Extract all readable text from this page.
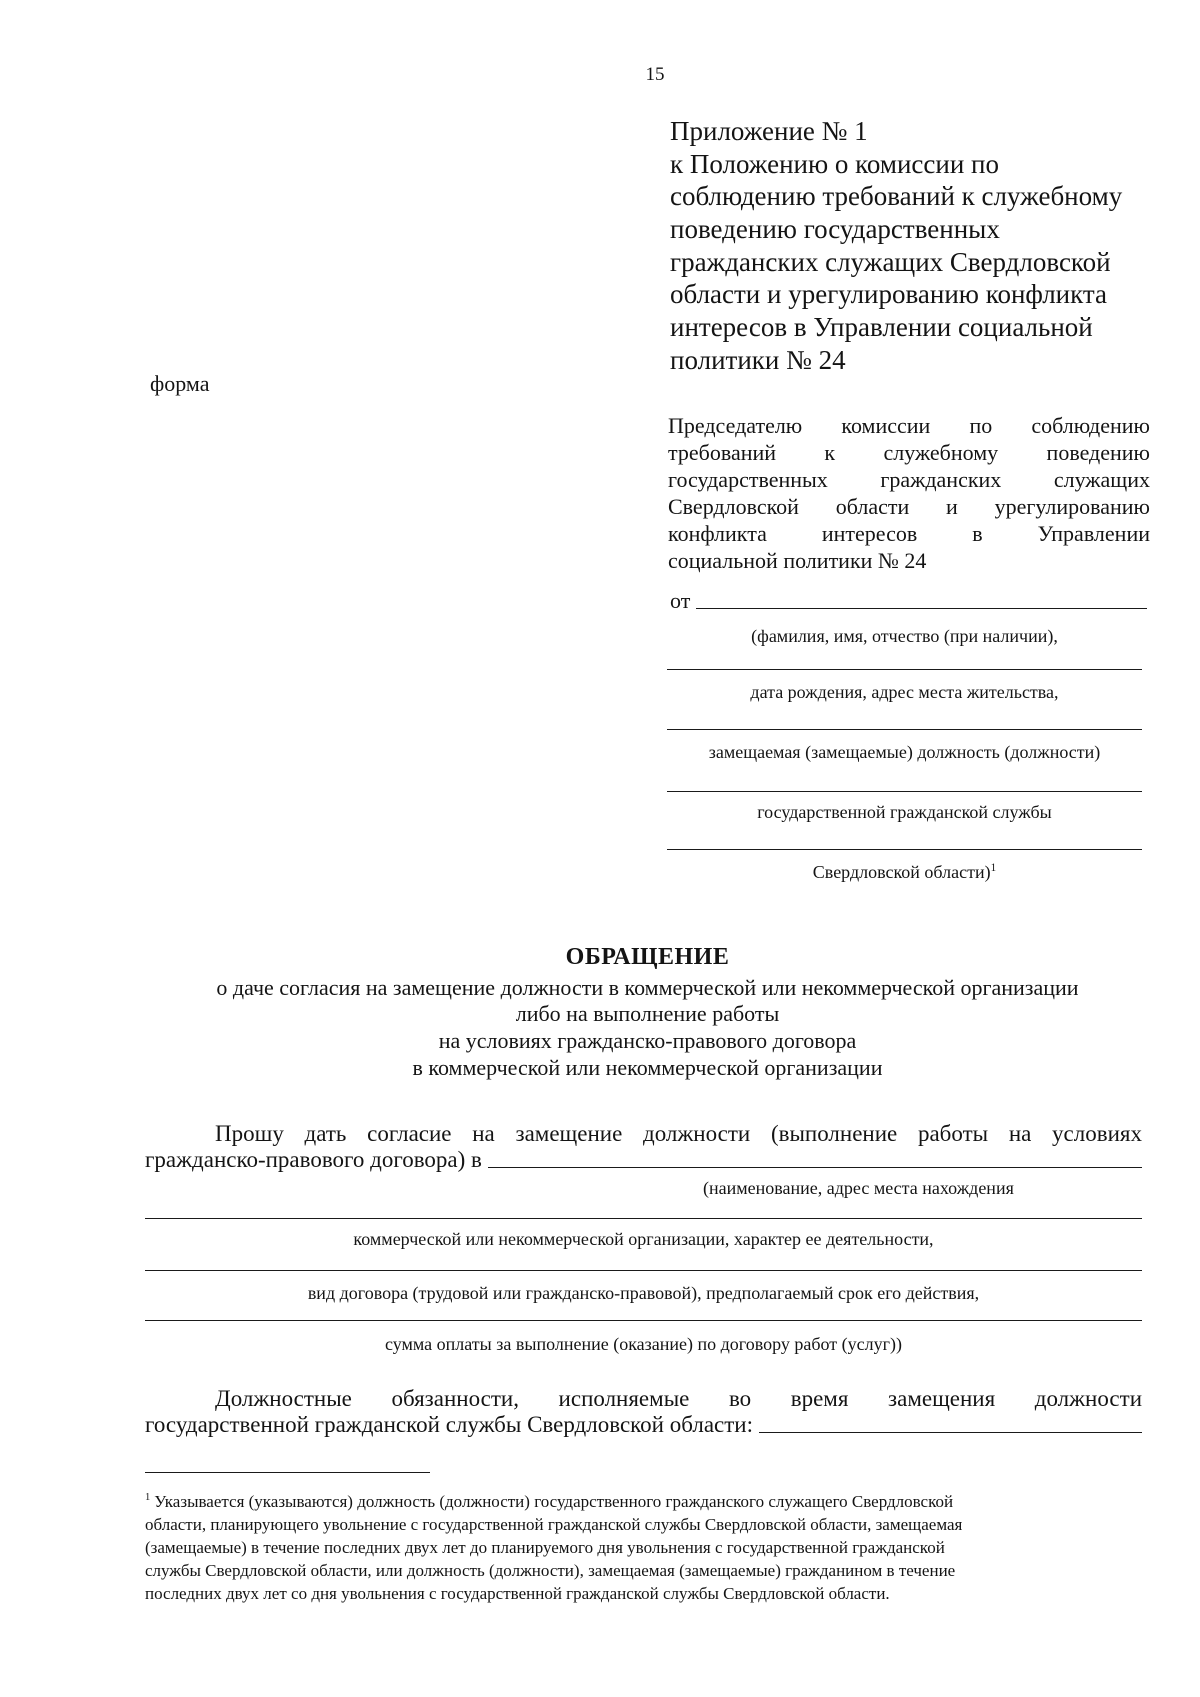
15
Приложение № 1
к Положению о комиссии по
соблюдению требований к служебному
поведению государственных
гражданских служащих Свердловской
области и урегулированию конфликта
интересов в Управлении социальной
политики № 24
форма
Председателю комиссии по соблюдению
требований к служебному поведению
государственных гражданских служащих
Свердловской области и урегулированию
конфликта интересов в Управлении
социальной политики № 24
от
(фамилия, имя, отчество (при наличии),
дата рождения, адрес места жительства,
замещаемая (замещаемые) должность (должности)
государственной гражданской службы
Свердловской области)$^1$
ОБРАЩЕНИЕ
о даче согласия на замещение должности в коммерческой или некоммерческой организации
либо на выполнение работы
на условиях гражданско-правового договора
в коммерческой или некоммерческой организации
Прошу дать согласие на замещение должности (выполнение работы на условиях
гражданско-правового договора) в
(наименование, адрес места нахождения
коммерческой или некоммерческой организации, характер ее деятельности,
вид договора (трудовой или гражданско-правовой), предполагаемый срок его действия,
сумма оплаты за выполнение (оказание) по договору работ (услуг))
Должностные обязанности, исполняемые во время замещения должности
государственной гражданской службы Свердловской области:
$^1$ Указывается (указываются) должность (должности) государственного гражданского служащего Свердловской
области, планирующего увольнение с государственной гражданской службы Свердловской области, замещаемая
(замещаемые) в течение последних двух лет до планируемого дня увольнения с государственной гражданской
службы Свердловской области, или должность (должности), замещаемая (замещаемые) гражданином в течение
последних двух лет со дня увольнения с государственной гражданской службы Свердловской области.
